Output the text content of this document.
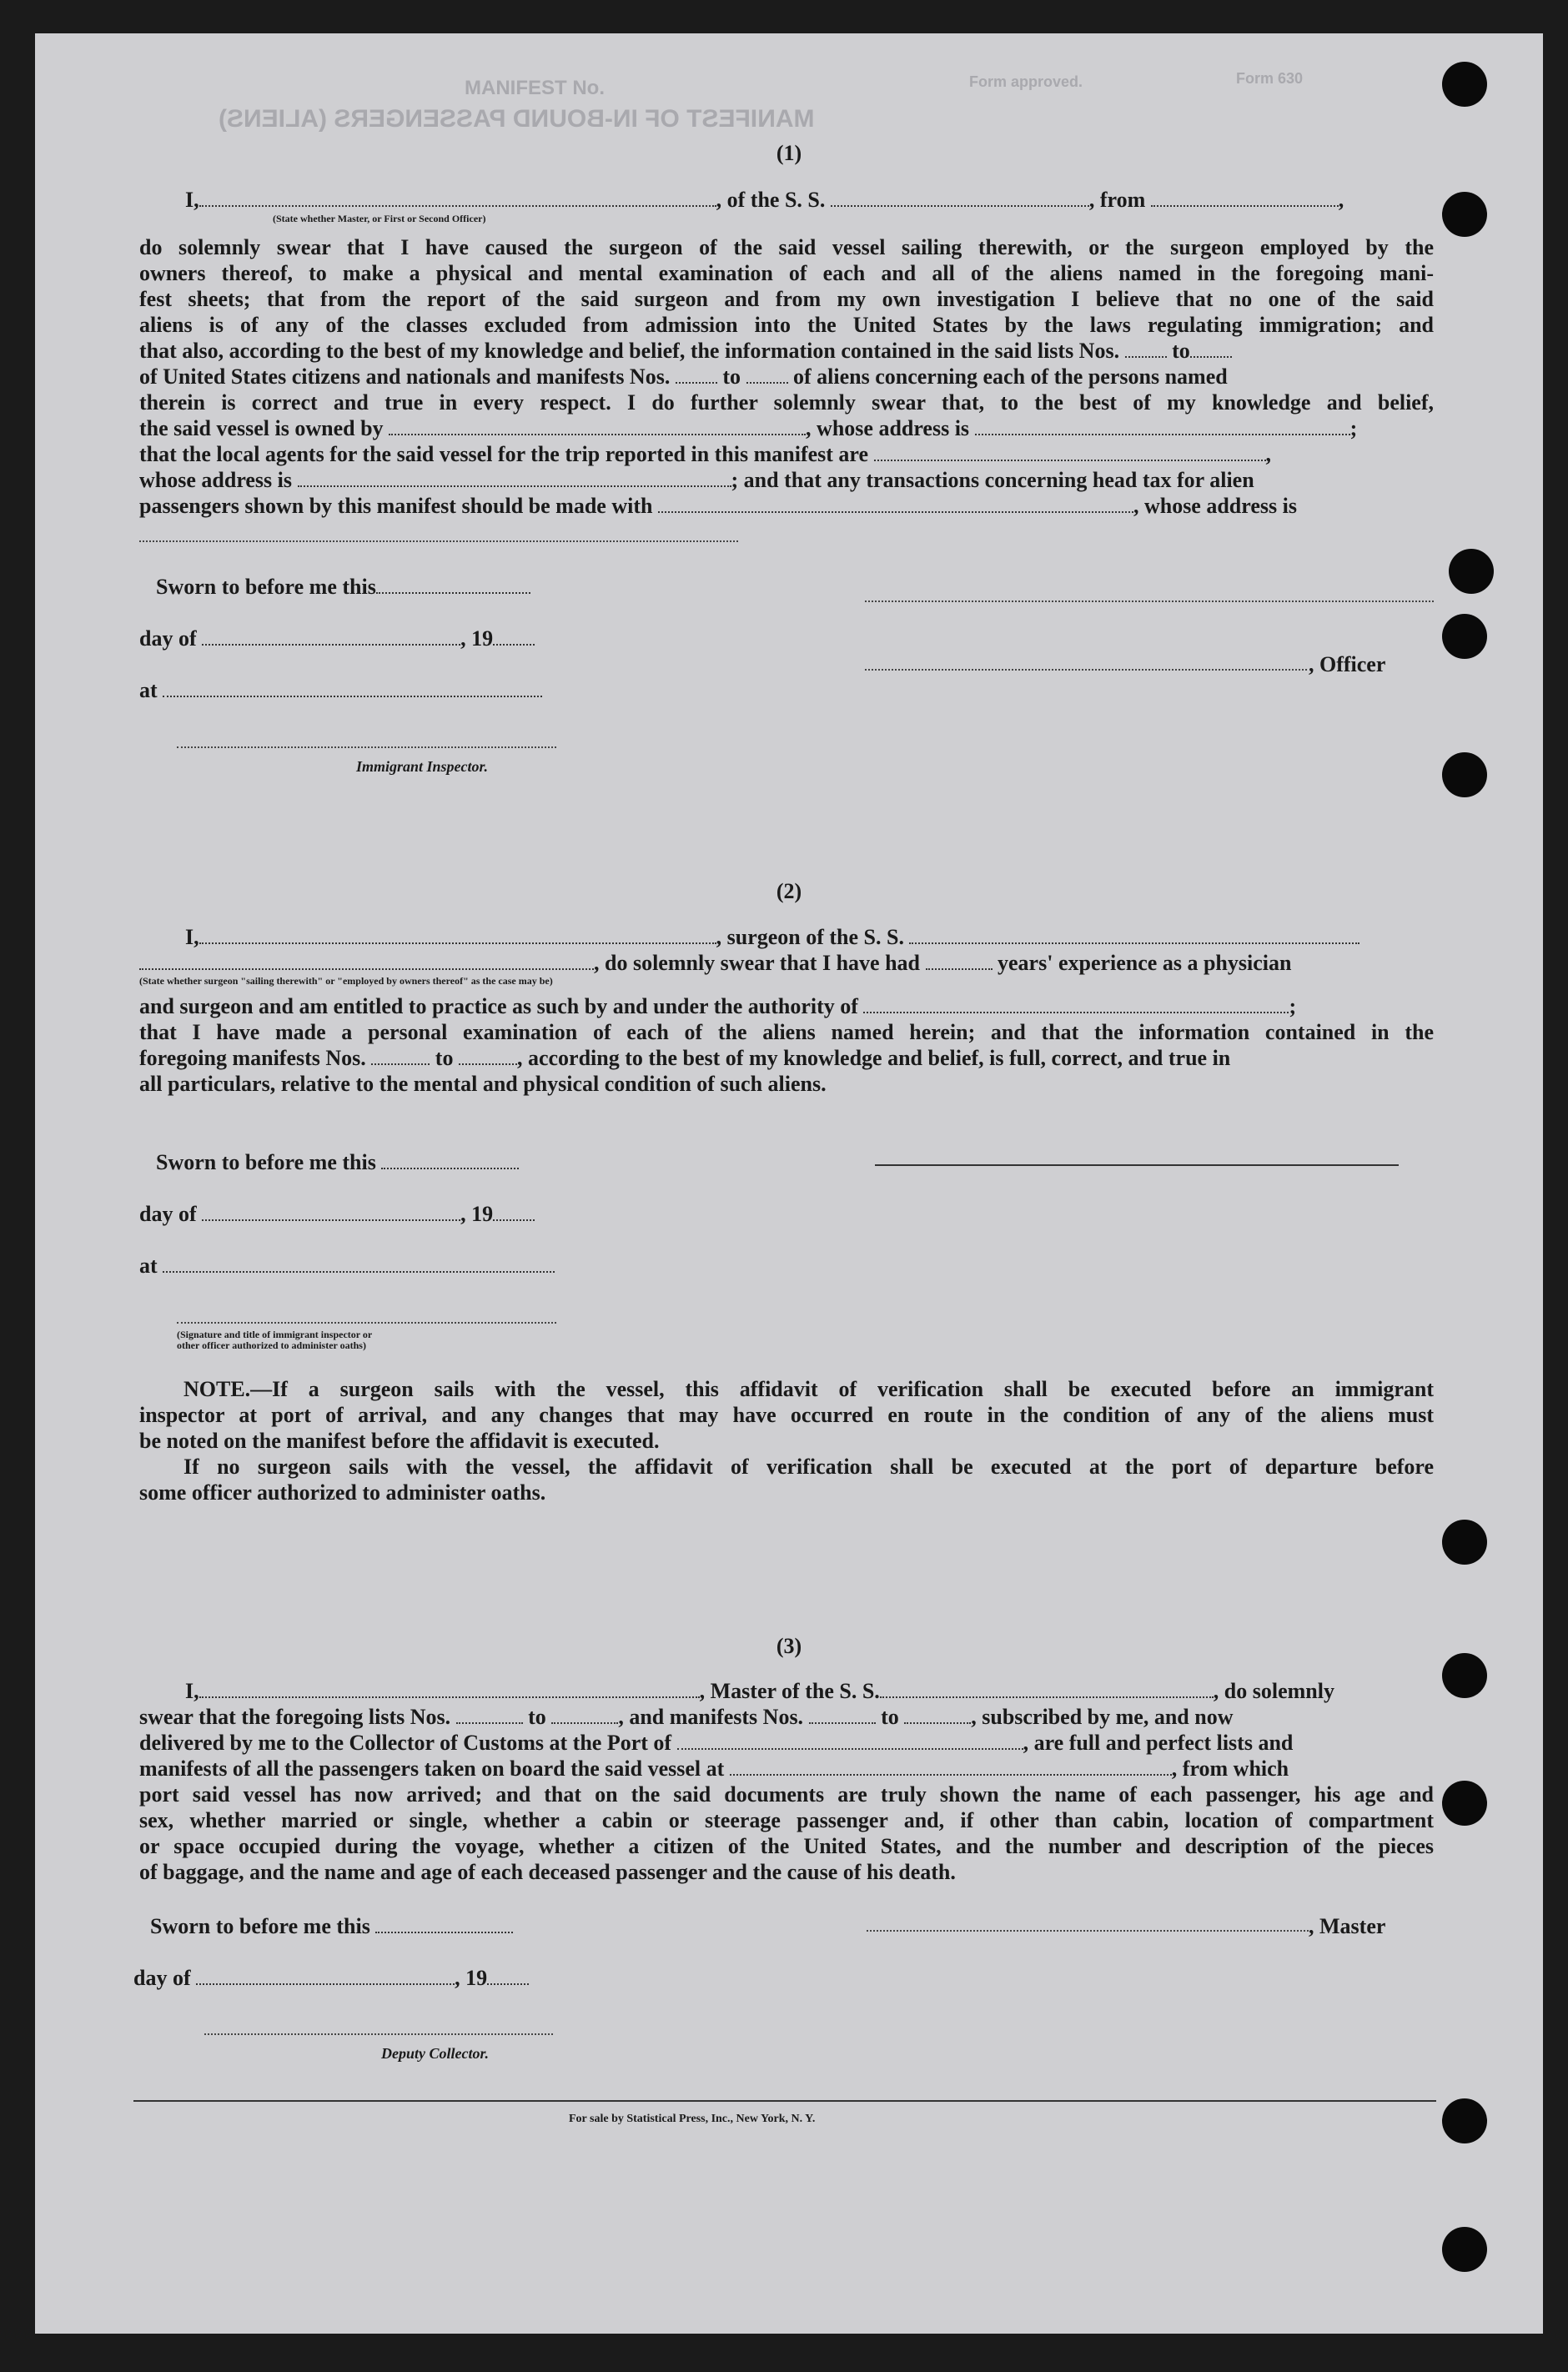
MANIFEST No.
MANIFEST OF IN-BOUND PASSENGERS (ALIENS)
Form approved.	Form 630
(1)
I,	, of the S. S.	, from	,
(State whether Master, or First or Second Officer)
do solemnly swear that I have caused the surgeon of the said vessel sailing therewith, or the surgeon employed by the
owners thereof, to make a physical and mental examination of each and all of the aliens named in the foregoing mani-
fest sheets; that from the report of the said surgeon and from my own investigation I believe that no one of the said
aliens is of any of the classes excluded from admission into the United States by the laws regulating immigration; and
that also, according to the best of my knowledge and belief, the information contained in the said lists Nos. to
of United States citizens and nationals and manifests Nos. to of aliens concerning each of the persons named
therein is correct and true in every respect. I do further solemnly swear that, to the best of my knowledge and belief,
the said vessel is owned by	, whose address is	;
that the local agents for the said vessel for the trip reported in this manifest are	,
whose address is	; and that any transactions concerning head tax for alien
passengers shown by this manifest should be made with	, whose address is
Sworn to before me this
day of	, 19
at
Immigrant Inspector.
, Officer
(2)
I,	, surgeon of the S. S.
, do solemnly swear that I have had	years' experience as a physician
(State whether surgeon "sailing therewith" or "employed by owners thereof" as the case may be)
and surgeon and am entitled to practice as such by and under the authority of	;
that I have made a personal examination of each of the aliens named herein; and that the information contained in the
foregoing manifests Nos.	to	, according to the best of my knowledge and belief, is full, correct, and true in
all particulars, relative to the mental and physical condition of such aliens.
Sworn to before me this
day of	, 19
at
(Signature and title of immigrant inspector or
other officer authorized to administer oaths)
NOTE.—If a surgeon sails with the vessel, this affidavit of verification shall be executed before an immigrant
inspector at port of arrival, and any changes that may have occurred en route in the condition of any of the aliens must
be noted on the manifest before the affidavit is executed.
If no surgeon sails with the vessel, the affidavit of verification shall be executed at the port of departure before
some officer authorized to administer oaths.
(3)
I,	, Master of the S. S.	, do solemnly
swear that the foregoing lists Nos.	to	, and manifests Nos.	to	, subscribed by me, and now
delivered by me to the Collector of Customs at the Port of	, are full and perfect lists and
manifests of all the passengers taken on board the said vessel at	, from which
port said vessel has now arrived; and that on the said documents are truly shown the name of each passenger, his age and
sex, whether married or single, whether a cabin or steerage passenger and, if other than cabin, location of compartment
or space occupied during the voyage, whether a citizen of the United States, and the number and description of the pieces
of baggage, and the name and age of each deceased passenger and the cause of his death.
Sworn to before me this	, Master
day of	, 19
Deputy Collector.
For sale by Statistical Press, Inc., New York, N. Y.
